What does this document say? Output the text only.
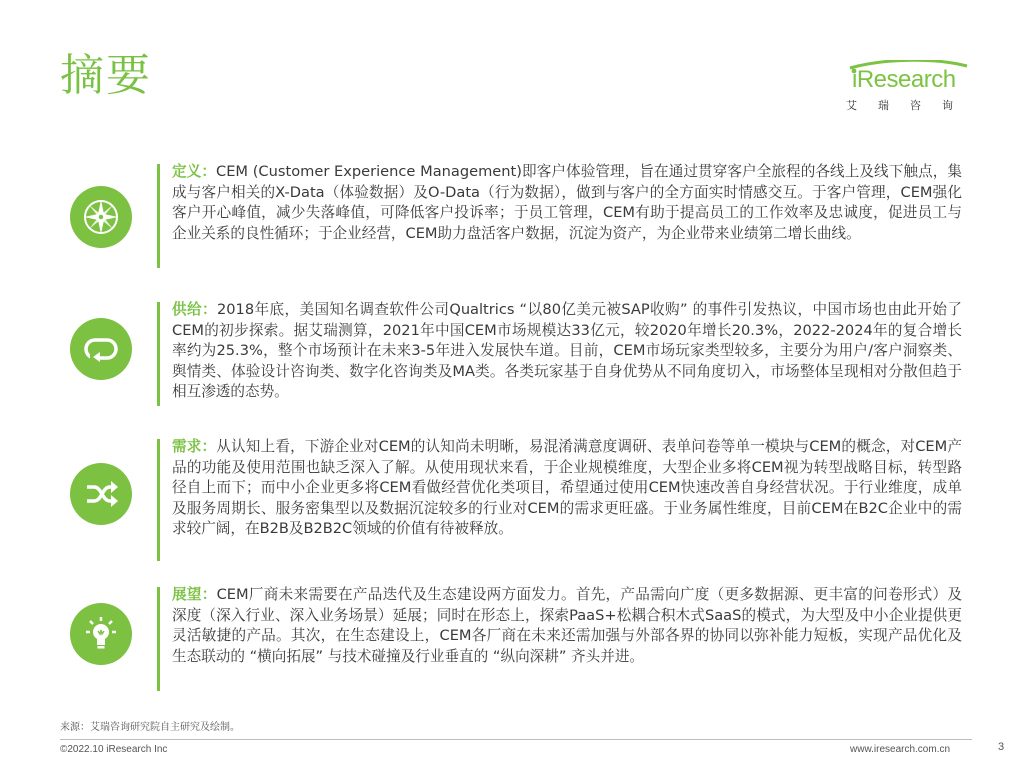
摘要	iResearch
艾瑞咨询
定义：CEM (Customer Experience Management)即客户体验管理，旨在通过贯穿客户全旅程的各线上及线下触点，集成与客户相关的X-Data（体验数据）及O-Data（行为数据），做到与客户的全方面实时情感交互。于客户管理，CEM强化客户开心峰值，减少失落峰值，可降低客户投诉率；于员工管理，CEM有助于提高员工的工作效率及忠诚度，促进员工与企业关系的良性循环；于企业经营，CEM助力盘活客户数据，沉淀为资产，为企业带来业绩第二增长曲线。
供给：2018年底，美国知名调查软件公司Qualtrics “以80亿美元被SAP收购” 的事件引发热议，中国市场也由此开始了CEM的初步探索。据艾瑞测算，2021年中国CEM市场规模达33亿元，较2020年增长20.3%，2022-2024年的复合增长率约为25.3%，整个市场预计在未来3-5年进入发展快车道。目前，CEM市场玩家类型较多，主要分为用户/客户洞察类、舆情类、体验设计咨询类、数字化咨询类及MA类。各类玩家基于自身优势从不同角度切入，市场整体呈现相对分散但趋于相互渗透的态势。
需求：从认知上看，下游企业对CEM的认知尚未明晰，易混淆满意度调研、表单问卷等单一模块与CEM的概念，对CEM产品的功能及使用范围也缺乏深入了解。从使用现状来看，于企业规模维度，大型企业多将CEM视为转型战略目标，转型路径自上而下；而中小企业更多将CEM看做经营优化类项目，希望通过使用CEM快速改善自身经营状况。于行业维度，成单及服务周期长、服务密集型以及数据沉淀较多的行业对CEM的需求更旺盛。于业务属性维度，目前CEM在B2C企业中的需求较广阔，在B2B及B2B2C领域的价值有待被释放。
展望：CEM厂商未来需要在产品迭代及生态建设两方面发力。首先，产品需向广度（更多数据源、更丰富的问卷形式）及深度（深入行业、深入业务场景）延展；同时在形态上，探索PaaS+松耦合积木式SaaS的模式，为大型及中小企业提供更灵活敏捷的产品。其次，在生态建设上，CEM各厂商在未来还需加强与外部各界的协同以弥补能力短板，实现产品优化及生态联动的 “横向拓展” 与技术碰撞及行业垂直的 “纵向深耕” 齐头并进。
来源：艾瑞咨询研究院自主研究及绘制。
©2022.10 iResearch Inc	www.iresearch.com.cn	3
